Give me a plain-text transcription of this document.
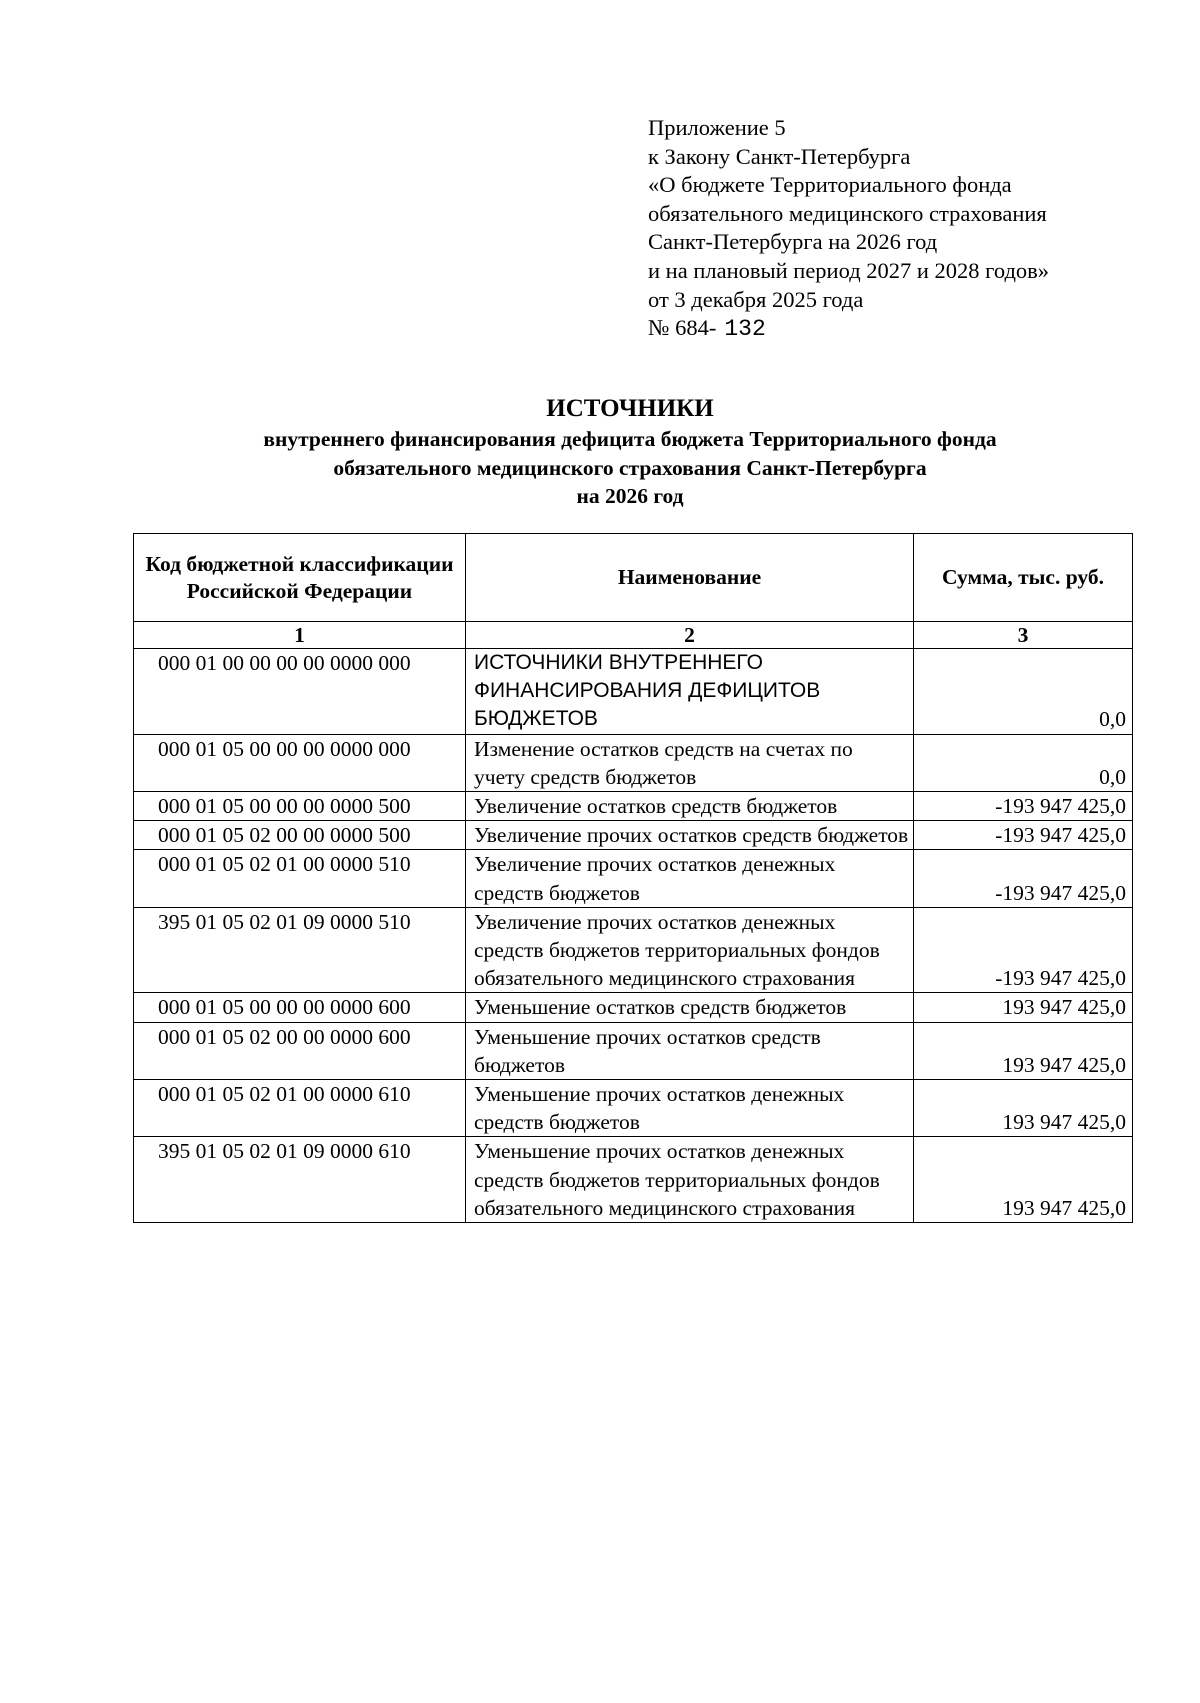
Приложение 5
к Закону Санкт-Петербурга
«О бюджете Территориального фонда
обязательного медицинского страхования
Санкт-Петербурга на 2026 год
и на плановый период 2027 и 2028 годов»
от 3 декабря 2025 года
№ 684- 132
ИСТОЧНИКИ
внутреннего финансирования дефицита бюджета Территориального фонда
обязательного медицинского страхования Санкт-Петербурга
на 2026 год
Код бюджетной классификации Российской Федерации	Наименование	Сумма, тыс. руб.
1	2	3
000 01 00 00 00 00 0000 000	ИСТОЧНИКИ ВНУТРЕННЕГО ФИНАНСИРОВАНИЯ ДЕФИЦИТОВ БЮДЖЕТОВ	0,0
000 01 05 00 00 00 0000 000	Изменение остатков средств на счетах по учету средств бюджетов	0,0
000 01 05 00 00 00 0000 500	Увеличение остатков средств бюджетов	-193 947 425,0
000 01 05 02 00 00 0000 500	Увеличение прочих остатков средств бюджетов	-193 947 425,0
000 01 05 02 01 00 0000 510	Увеличение прочих остатков денежных средств бюджетов	-193 947 425,0
395 01 05 02 01 09 0000 510	Увеличение прочих остатков денежных средств бюджетов территориальных фондов обязательного медицинского страхования	-193 947 425,0
000 01 05 00 00 00 0000 600	Уменьшение остатков средств бюджетов	193 947 425,0
000 01 05 02 00 00 0000 600	Уменьшение прочих остатков средств бюджетов	193 947 425,0
000 01 05 02 01 00 0000 610	Уменьшение прочих остатков денежных средств бюджетов	193 947 425,0
395 01 05 02 01 09 0000 610	Уменьшение прочих остатков денежных средств бюджетов территориальных фондов обязательного медицинского страхования	193 947 425,0
